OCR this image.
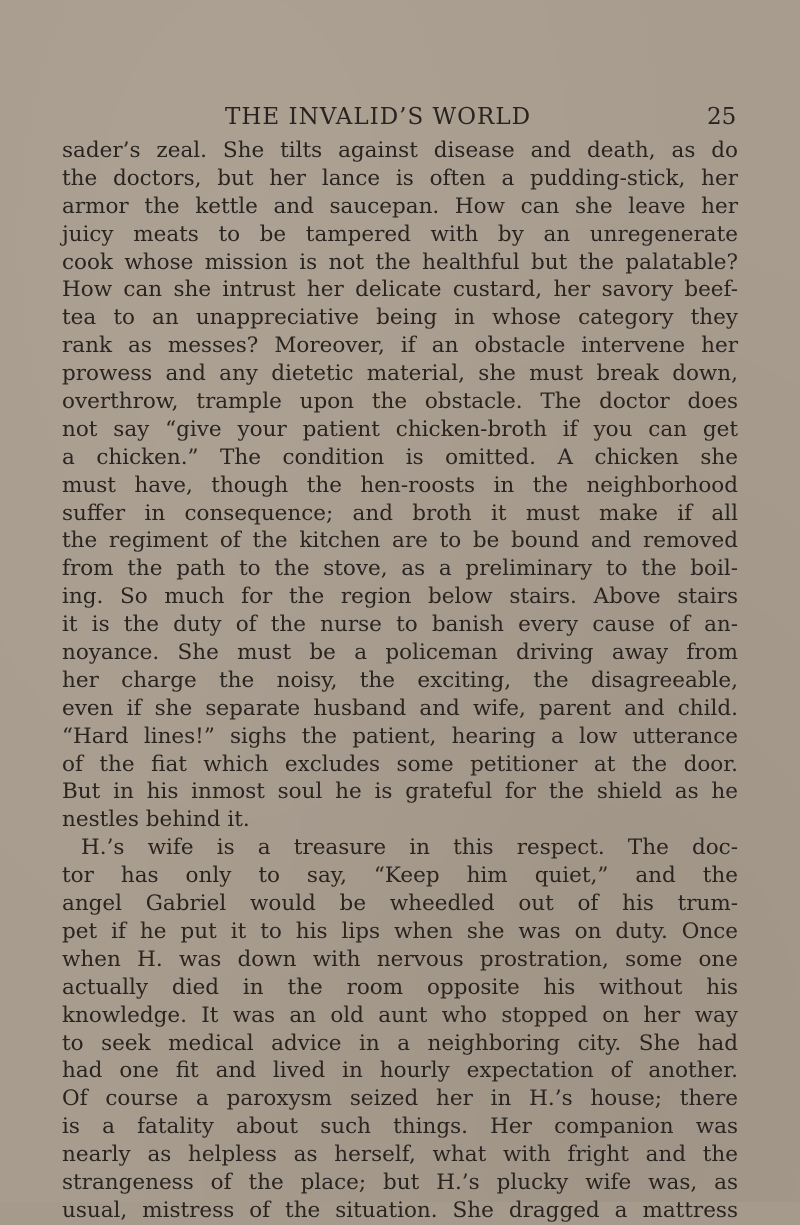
THE INVALID’S WORLD	25
sader’s zeal. She tilts against disease and death, as do
the doctors, but her lance is often a pudding-stick, her
armor the kettle and saucepan. How can she leave her
juicy meats to be tampered with by an unregenerate
cook whose mission is not the healthful but the palatable?
How can she intrust her delicate custard, her savory beef-
tea to an unappreciative being in whose category they
rank as messes? Moreover, if an obstacle intervene her
prowess and any dietetic material, she must break down,
overthrow, trample upon the obstacle. The doctor does
not say “give your patient chicken-broth if you can get
a chicken.” The condition is omitted. A chicken she
must have, though the hen-roosts in the neighborhood
suffer in consequence; and broth it must make if all
the regiment of the kitchen are to be bound and removed
from the path to the stove, as a preliminary to the boil-
ing. So much for the region below stairs. Above stairs
it is the duty of the nurse to banish every cause of an-
noyance. She must be a policeman driving away from
her charge the noisy, the exciting, the disagreeable,
even if she separate husband and wife, parent and child.
“Hard lines!” sighs the patient, hearing a low utterance
of the fiat which excludes some petitioner at the door.
But in his inmost soul he is grateful for the shield as he
nestles behind it.
H.’s wife is a treasure in this respect. The doc-
tor has only to say, “Keep him quiet,” and the
angel Gabriel would be wheedled out of his trum-
pet if he put it to his lips when she was on duty. Once
when H. was down with nervous prostration, some one
actually died in the room opposite his without his
knowledge. It was an old aunt who stopped on her way
to seek medical advice in a neighboring city. She had
had one fit and lived in hourly expectation of another.
Of course a paroxysm seized her in H.’s house; there
is a fatality about such things. Her companion was
nearly as helpless as herself, what with fright and the
strangeness of the place; but H.’s plucky wife was, as
usual, mistress of the situation. She dragged a mattress
